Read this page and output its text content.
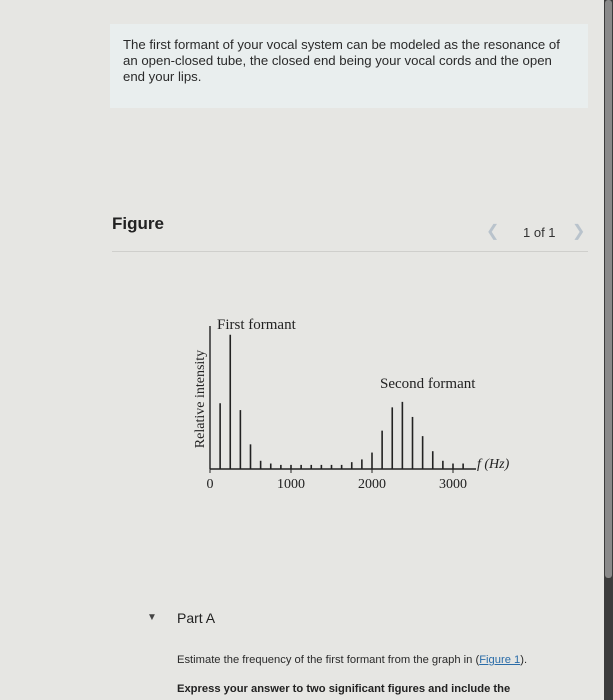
The first formant of your vocal system can be modeled as the resonance of an open-closed tube, the closed end being your vocal cords and the open end your lips.
Figure	❮ 1 of 1 ❯
0	1000	2000	3000
Relative intensity
f (Hz)
First formant
Second formant
▼ Part A
Estimate the frequency of the first formant from the graph in (Figure 1).
Express your answer to two significant figures and include the
